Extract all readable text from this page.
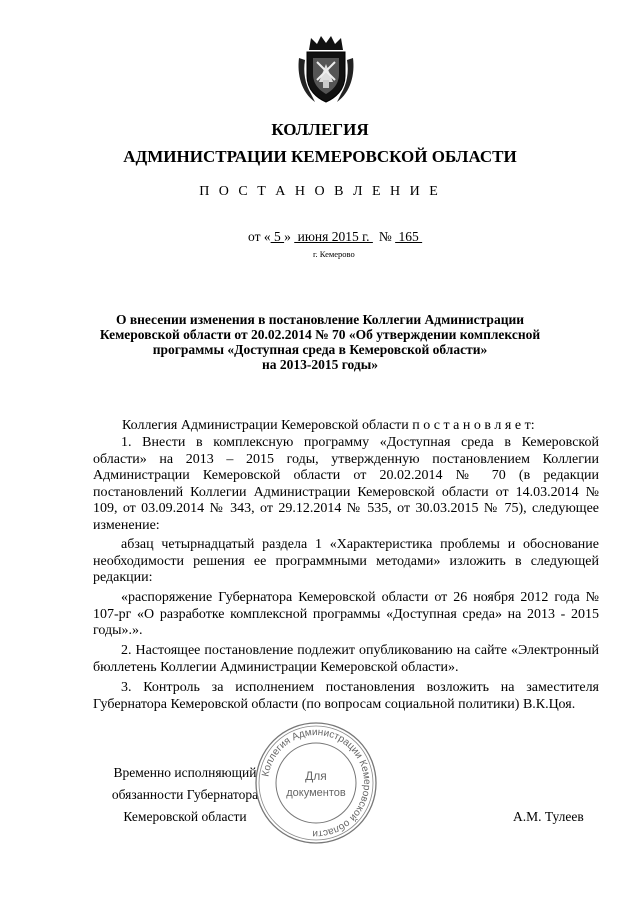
КОЛЛЕГИЯ
АДМИНИСТРАЦИИ КЕМЕРОВСКОЙ ОБЛАСТИ
П О С Т А Н О В Л Е Н И Е
от « 5 »  июня 2015 г. №  165
г. Кемерово
О внесении изменения в постановление Коллегии Администрации
Кемеровской области от 20.02.2014 № 70 «Об утверждении комплексной
программы «Доступная среда в Кемеровской области»
на 2013-2015 годы»
Коллегия Администрации Кемеровской области п о с т а н о в л я е т:
1. Внести в комплексную программу «Доступная среда в Кемеровской области» на 2013 – 2015 годы, утвержденную постановлением Коллегии Администрации Кемеровской области от 20.02.2014 № 70 (в редакции постановлений Коллегии Администрации Кемеровской области от 14.03.2014 № 109, от 03.09.2014 № 343, от 29.12.2014 № 535, от 30.03.2015 № 75), следующее изменение:
абзац четырнадцатый раздела 1 «Характеристика проблемы и обоснование необходимости решения ее программными методами» изложить в следующей редакции:
«распоряжение Губернатора Кемеровской области от 26 ноября 2012 года № 107-рг «О разработке комплексной программы «Доступная среда» на 2013 - 2015 годы».».
2. Настоящее постановление подлежит опубликованию на сайте «Электронный бюллетень Коллегии Администрации Кемеровской области».
3. Контроль за исполнением постановления возложить на заместителя Губернатора Кемеровской области (по вопросам социальной политики) В.К.Цоя.
Временно исполняющий
обязанности Губернатора
Кемеровской области	А.М. Тулеев
Коллегия Администрации Кемеровской области
Для
документов
